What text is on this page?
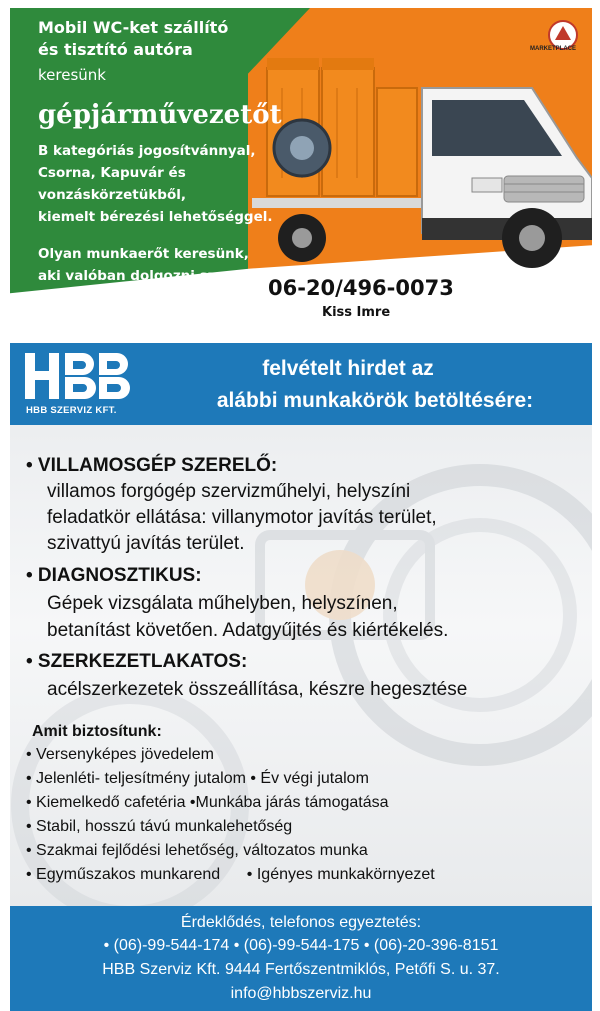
Mobil WC-ket szállító
és tisztító autóra
keresünk
gépjárművezetőt
B kategóriás jogosítvánnyal,
Csorna, Kapuvár és
vonzáskörzetükből,
kiemelt bérezési lehetőséggel.
Olyan munkaerőt keresünk,
aki valóban dolgozni szeretne
és hosszú távra tervez.	06-20/496-0073
Kiss Imre
MARKETPLACE
HBB SZERVIZ KFT.
felvételt hirdet az
alábbi munkakörök betöltésére:
• VILLAMOSGÉP SZERELŐ:
villamos forgógép szervizműhelyi, helyszíni
feladatkör ellátása: villanymotor javítás terület,
szivattyú javítás terület.
• DIAGNOSZTIKUS:
Gépek vizsgálata műhelyben, helyszínen,
betanítást követően. Adatgyűjtés és kiértékelés.
• SZERKEZETLAKATOS:
acélszerkezetek összeállítása, készre hegesztése
Amit biztosítunk:
• Versenyképes jövedelem
• Jelenléti- teljesítmény jutalom • Év végi jutalom
• Kiemelkedő cafetéria •Munkába járás támogatása
• Stabil, hosszú távú munkalehetőség
• Szakmai fejlődési lehetőség, változatos munka
• Egyműszakos munkarend      • Igényes munkakörnyezet
Érdeklődés, telefonos egyeztetés:
• (06)-99-544-174 • (06)-99-544-175 • (06)-20-396-8151
HBB Szerviz Kft. 9444 Fertőszentmiklós, Petőfi S. u. 37.
info@hbbszerviz.hu
